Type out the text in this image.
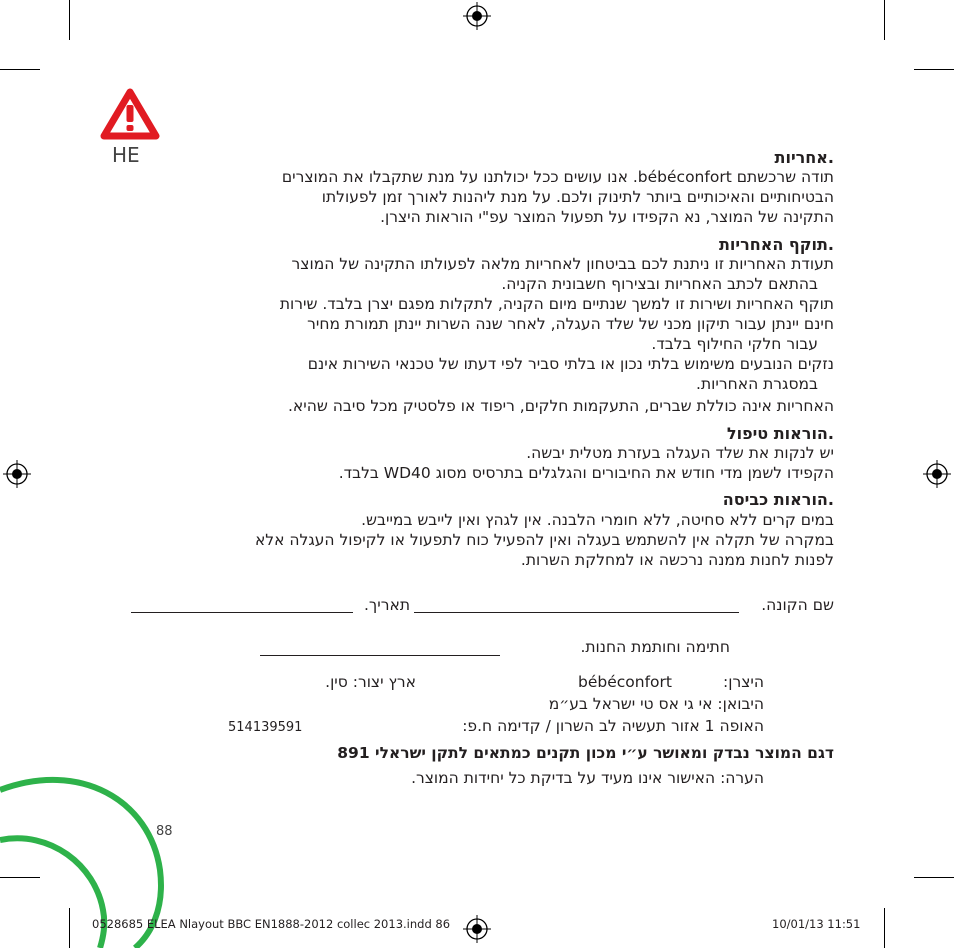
HE	.אחריות
תודה שרכשתם bébéconfort. אנו עושים ככל יכולתנו על מנת שתקבלו את המוצרים
הבטיחותיים והאיכותיים ביותר לתינוק ולכם. על מנת ליהנות לאורך זמן לפעולתו
התקינה של המוצר, נא הקפידו על תפעול המוצר עפ"י הוראות היצרן.
.תוקף האחריות
תעודת האחריות זו ניתנת לכם בביטחון לאחריות מלאה לפעולתו התקינה של המוצר
בהתאם לכתב האחריות ובצירוף חשבונית הקניה.
תוקף האחריות ושירות זו למשך שנתיים מיום הקניה, לתקלות מפגם יצרן בלבד. שירות
חינם יינתן עבור תיקון מכני של שלד העגלה, לאחר שנה השרות יינתן תמורת מחיר
עבור חלקי החילוף בלבד.
נזקים הנובעים משימוש בלתי נכון או בלתי סביר לפי דעתו של טכנאי השירות אינם
במסגרת האחריות.
האחריות אינה כוללת שברים, התעקמות חלקים, ריפוד או פלסטיק מכל סיבה שהיא.
.הוראות טיפול
יש לנקות את שלד העגלה בעזרת מטלית יבשה.
הקפידו לשמן מדי חודש את החיבורים והגלגלים בתרסיס מסוג WD40 בלבד.
.הוראות כביסה
במים קרים ללא סחיטה, ללא חומרי הלבנה. אין לגהץ ואין לייבש במייבש.
במקרה של תקלה אין להשתמש בעגלה ואין להפעיל כוח לתפעול או לקיפול העגלה אלא
לפנות לחנות ממנה נרכשה או למחלקת השרות.
שם הקונה.
תאריך.
חתימה וחותמת החנות.
היצרן:
bébéconfort
ארץ יצור: סין.
היבואן: אי גי אס טי ישראל בע״מ
האופה 1 אזור תעשיה לב השרון / קדימה ח.פ:
514139591
דגם המוצר נבדק ומאושר ע״י מכון תקנים כמתאים לתקן ישראלי 891
הערה: האישור אינו מעיד על בדיקת כל יחידות המוצר.
88
0528685 ELEA Nlayout BBC EN1888-2012 collec 2013.indd 86	10/01/13 11:51
